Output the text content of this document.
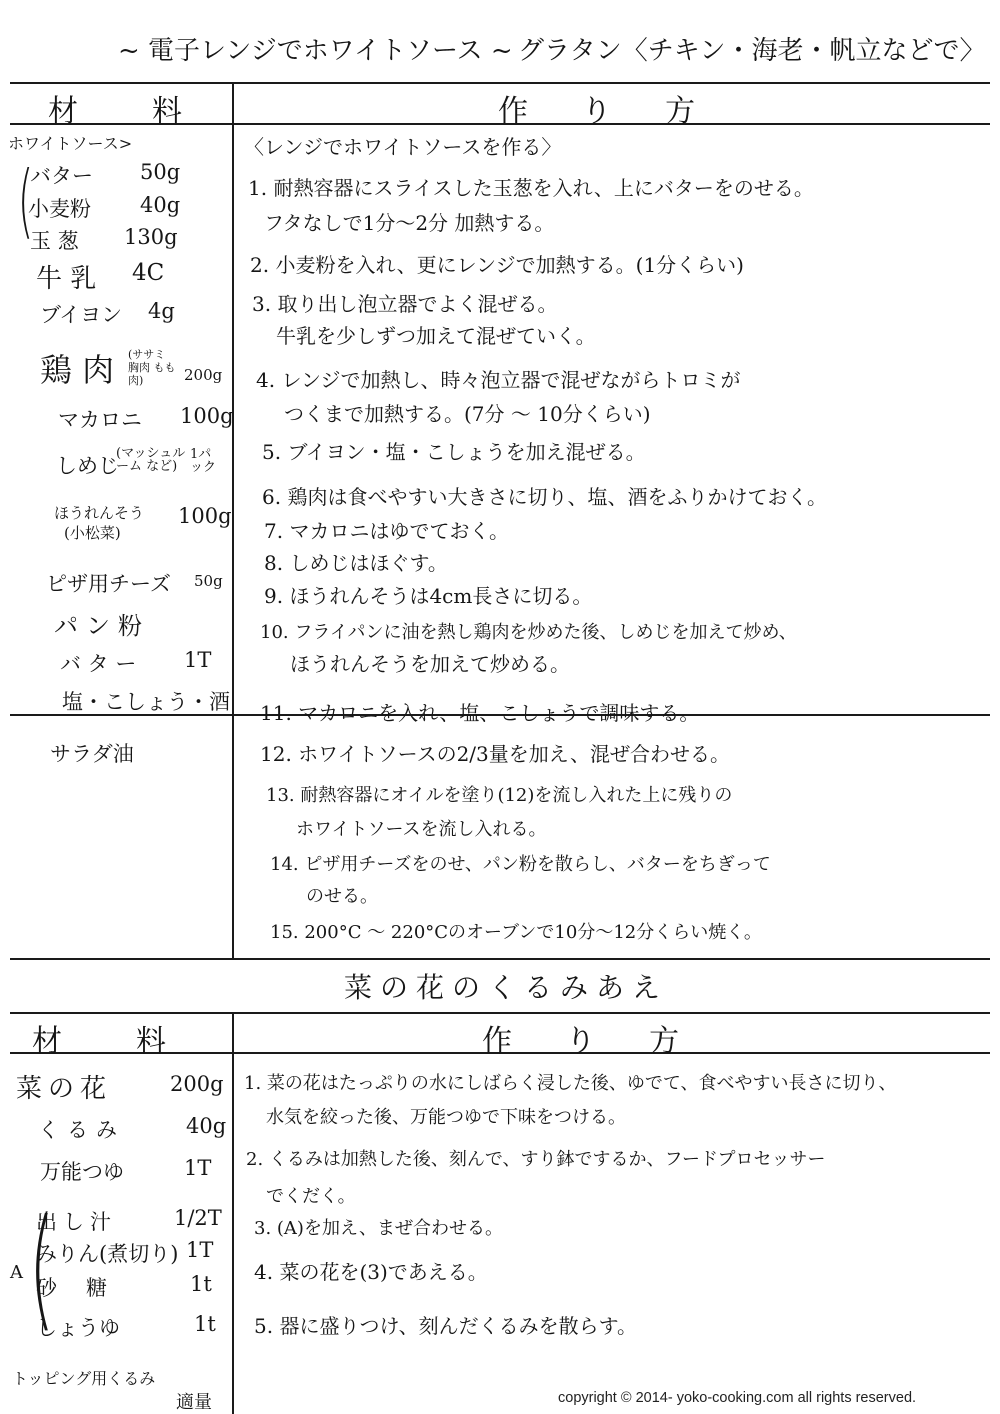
~ 電子レンジでホワイトソース ~ グラタン〈チキン・海老・帆立などで〉
材　料	作 り 方
ホワイトソース>
(
バター 50g
小麦粉 40g
玉 葱 130g
牛 乳 4C
ブイヨン 4g
鶏 肉 (ササミ 胸肉 もも肉)	200g
マカロニ 100g
しめじ
(マッシュルーム など)
1パック
ほうれんそう
(小松菜)
100g
ピザ用チーズ 50g
パン粉
バ タ ー 1T
塩・こしょう・酒
サラダ油
〈レンジでホワイトソースを作る〉
1. 耐熱容器にスライスした玉葱を入れ、上にバターをのせる。
フタなしで1分～2分 加熱する。
2. 小麦粉を入れ、更にレンジで加熱する。(1分くらい)
3. 取り出し泡立器でよく混ぜる。
牛乳を少しずつ加えて混ぜていく。
4. レンジで加熱し、時々泡立器で混ぜながらトロミが
つくまで加熱する。(7分 ～ 10分くらい)
5. ブイヨン・塩・こしょうを加え混ぜる。
6. 鶏肉は食べやすい大きさに切り、塩、酒をふりかけておく。
7. マカロニはゆでておく。
8. しめじはほぐす。
9. ほうれんそうは4cm長さに切る。
10. フライパンに油を熱し鶏肉を炒めた後、しめじを加えて炒め、
ほうれんそうを加えて炒める。
11. マカロニを入れ、塩、こしょうで調味する。
12. ホワイトソースの2/3量を加え、混ぜ合わせる。
13. 耐熱容器にオイルを塗り(12)を流し入れた上に残りの
ホワイトソースを流し入れる。
14. ピザ用チーズをのせ、パン粉を散らし、バターをちぎって
のせる。
15. 200°C ～ 220°Cのオーブンで10分～12分くらい焼く。
菜の花のくるみあえ
材　料	作 り 方
菜の花	200g
くるみ	40g
万能つゆ	1T
A (
出し汁	1/2T
みりん(煮切り) 1T
砂　糖	1t
しょうゆ	1t
トッピング用くるみ
適量
1. 菜の花はたっぷりの水にしばらく浸した後、ゆでて、食べやすい長さに切り、
水気を絞った後、万能つゆで下味をつける。
2. くるみは加熱した後、刻んで、すり鉢でするか、フードプロセッサー
でくだく。
3. (A)を加え、まぜ合わせる。
4. 菜の花を(3)であえる。
5. 器に盛りつけ、刻んだくるみを散らす。
copyright © 2014- yoko-cooking.com all rights reserved.
